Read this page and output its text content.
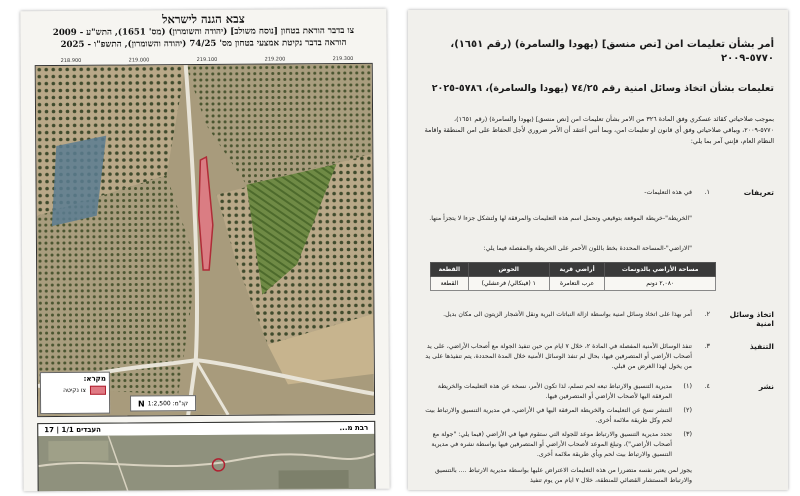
צבא הגנה לישראל
צו בדבר הוראת בטחון [נוסח משולב] (יהודה והשומרון) (מס' 1651), התש"ע - 2009
הוראה בדבר נקיטת אמצעי בטחון מס' 74/25 (יהודה והשומרון), התשפ"ו - 2025
218.900	219.000	219.100	219.200	219.300
מקרא:
צו נקיטה
N קנ"מ: 1:2,500
רבת מ...
העבדים 1/1 | 17
أمر بشأن تعليمات امن [نص منسق] (يهودا والسامرة) (رقم ١٦٥١)، ٥٧٧٠-٢٠٠٩
تعليمات بشأن اتخاذ وسائل امنية رقم ٧٤/٢٥ (يهودا والسامرة)، ٥٧٨٦-٢٠٢٥
بموجب صلاحياتي كقائد عسكري وفق المادة ٣٢٦ من الامر بشأن تعليمات امن [نص منسق] (يهودا والسامرة) (رقم ١٦٥١)، ٥٧٧٠-٢٠٠٩، وبباقي صلاحياتي وفق أي قانون او تعليمات امن، وبما أنني أعتقد أن الأمر ضروري لأجل الحفاظ على امن المنطقة واقامة النظام العام، فإنني آمر بما يلي:
تعريفات
١.
في هذه التعليمات-
"الخريطة"-خريطة الموقعة بتوقيعي وتحمل اسم هذه التعليمات والمرفقة لها ولتشكل جزءا لا يتجزأ منها.
"الاراضي"-المساحة المحددة بخط باللون الأحمر على الخريطة والمفصلة فيما يلي:
مساحة الأراضي بالدونمات	أراضي قرية	الحوض	القطعة
٢,٠٨٠ دونم	عرب التعامرة	١ (فينكالي/ فرعشلي)	القطعة
اتخاذ وسائل امنية
٢.
أمر بهذا على اتخاذ وسائل امنية بواسطة ازالة النباتات البرية ونقل الأشجار الزيتون الى مكان بديل.
التنفيذ
٣.
تنفذ الوسائل الأمنية المفصلة في المادة ٢، خلال ٧ ايام من حين تنفيذ الجولة مع أصحاب الأراضي، على يد أصحاب الأراضي أو المتصرفين فيها، بحال لم تنفذ الوسائل الأمنية خلال المدة المحددة، يتم تنفيذها على يد من يخول لهذا الغرض من قبلي.
نشر
٤.
(١)
مديرية التنسيق والارتباط تبعه لحم تسلم، لذا تكون الأمر، نسخة عن هذه التعليمات والخريطة المرفقة اليها لأصحاب الأراضي أو المتصرفين فيها.
(٢)
التنشر نسخ عن التعليمات والخريطة المرفقة اليها في الأراضي، في مديرية التنسيق والارتباط بيت لحم وكل طريقة ملائمة أخرى.
(٣)
تحدد مديرية التنسيق والارتباط موعد للجولة التي ستقوم فيها في الأراضي (فيما يلي: "جولة مع أصحاب الأراضي")، وتبلغ الموعد لأصحاب الأراضي أو المتصرفين فيها بواسطة نشره في مديرية التنسيق والارتباط بيت لحم وبأي طريقة ملائمة أخرى.
يجوز لمن يعتبر نفسه متضررا من هذه التعليمات الاعتراض عليها بواسطة مديرية الارتباط .... بالتنسيق والارتباط المستشار القضائي للمنطقة، خلال ٧ ايام من يوم تنفيذ
